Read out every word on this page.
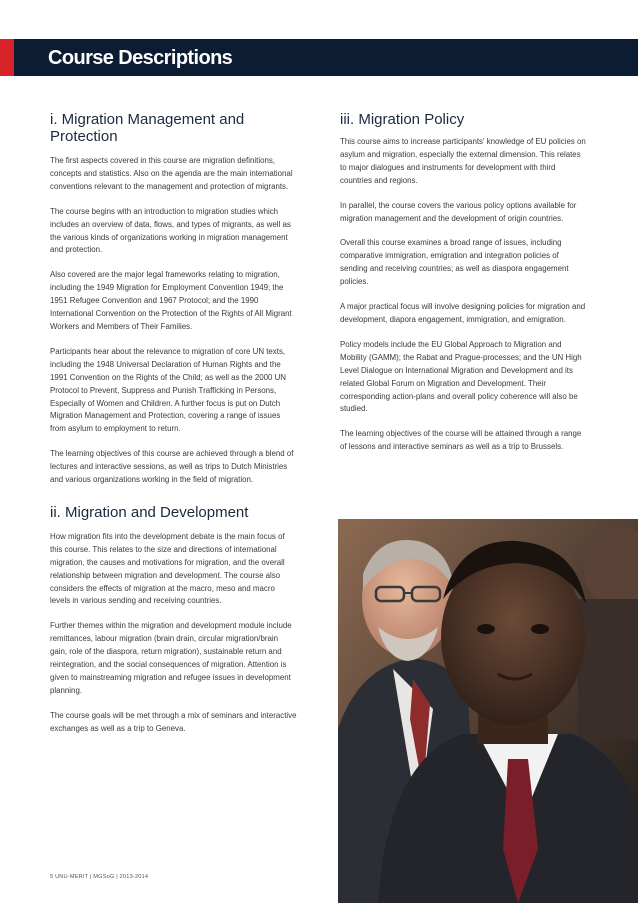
Course Descriptions
i. Migration Management and Protection

The first aspects covered in this course are migration definitions, concepts and statistics. Also on the agenda are the main international conventions relevant to the management and protection of migrants.

The course begins with an introduction to migration studies which includes an overview of data, flows, and types of migrants, as well as the various kinds of organizations working in migration management and protection.

Also covered are the major legal frameworks relating to migration, including the 1949 Migration for Employment Convention 1949; the 1951 Refugee Convention and 1967 Protocol; and the 1990 International Convention on the Protection of the Rights of All Migrant Workers and Members of Their Families.

Participants hear about the relevance to migration of core UN texts, including the 1948 Universal Declaration of Human Rights and the 1991 Convention on the Rights of the Child; as well as the 2000 UN Protocol to Prevent, Suppress and Punish Trafficking in Persons, Especially of Women and Children. A further focus is put on Dutch Migration Management and Protection, covering a range of issues from asylum to employment to return.

The learning objectives of this course are achieved through a blend of lectures and interactive sessions, as well as trips to Dutch Ministries and various organizations working in the field of migration.

ii. Migration and Development

How migration fits into the development debate is the main focus of this course. This relates to the size and directions of international migration, the causes and motivations for migration, and the overall relationship between migration and development. The course also considers the effects of migration at the macro, meso and macro levels in various sending and receiving countries.

Further themes within the migration and development module include remittances, labour migration (brain drain, circular migration/brain gain, role of the diaspora, return migration), sustainable return and reintegration, and the social consequences of migration. Attention is given to mainstreaming migration and refugee issues in development planning.

The course goals will be met through a mix of seminars and interactive exchanges as well as a trip to Geneva.

iii. Migration Policy

This course aims to increase participants' knowledge of EU policies on asylum and migration, especially the external dimension. This relates to major dialogues and instruments for development with third countries and regions.

In parallel, the course covers the various policy options available for migration management and the development of origin countries.

Overall this course examines a broad range of issues, including comparative immigration, emigration and integration policies of sending and receiving countries; as well as diaspora engagement policies.

A major practical focus will involve designing policies for migration and development, diapora engagement, immigration, and emigration.

Policy models include the EU Global Approach to Migration and Mobility (GAMM); the Rabat and Prague-processes; and the UN High Level Dialogue on International Migration and Development and its related Global Forum on Migration and Development. Their corresponding action-plans and overall policy coherence will also be studied.

The learning objectives of the course will be attained through a range of lessons and interactive seminars as well as a trip to Brussels.

5 UNU-MERIT | MGSoG | 2013-2014
